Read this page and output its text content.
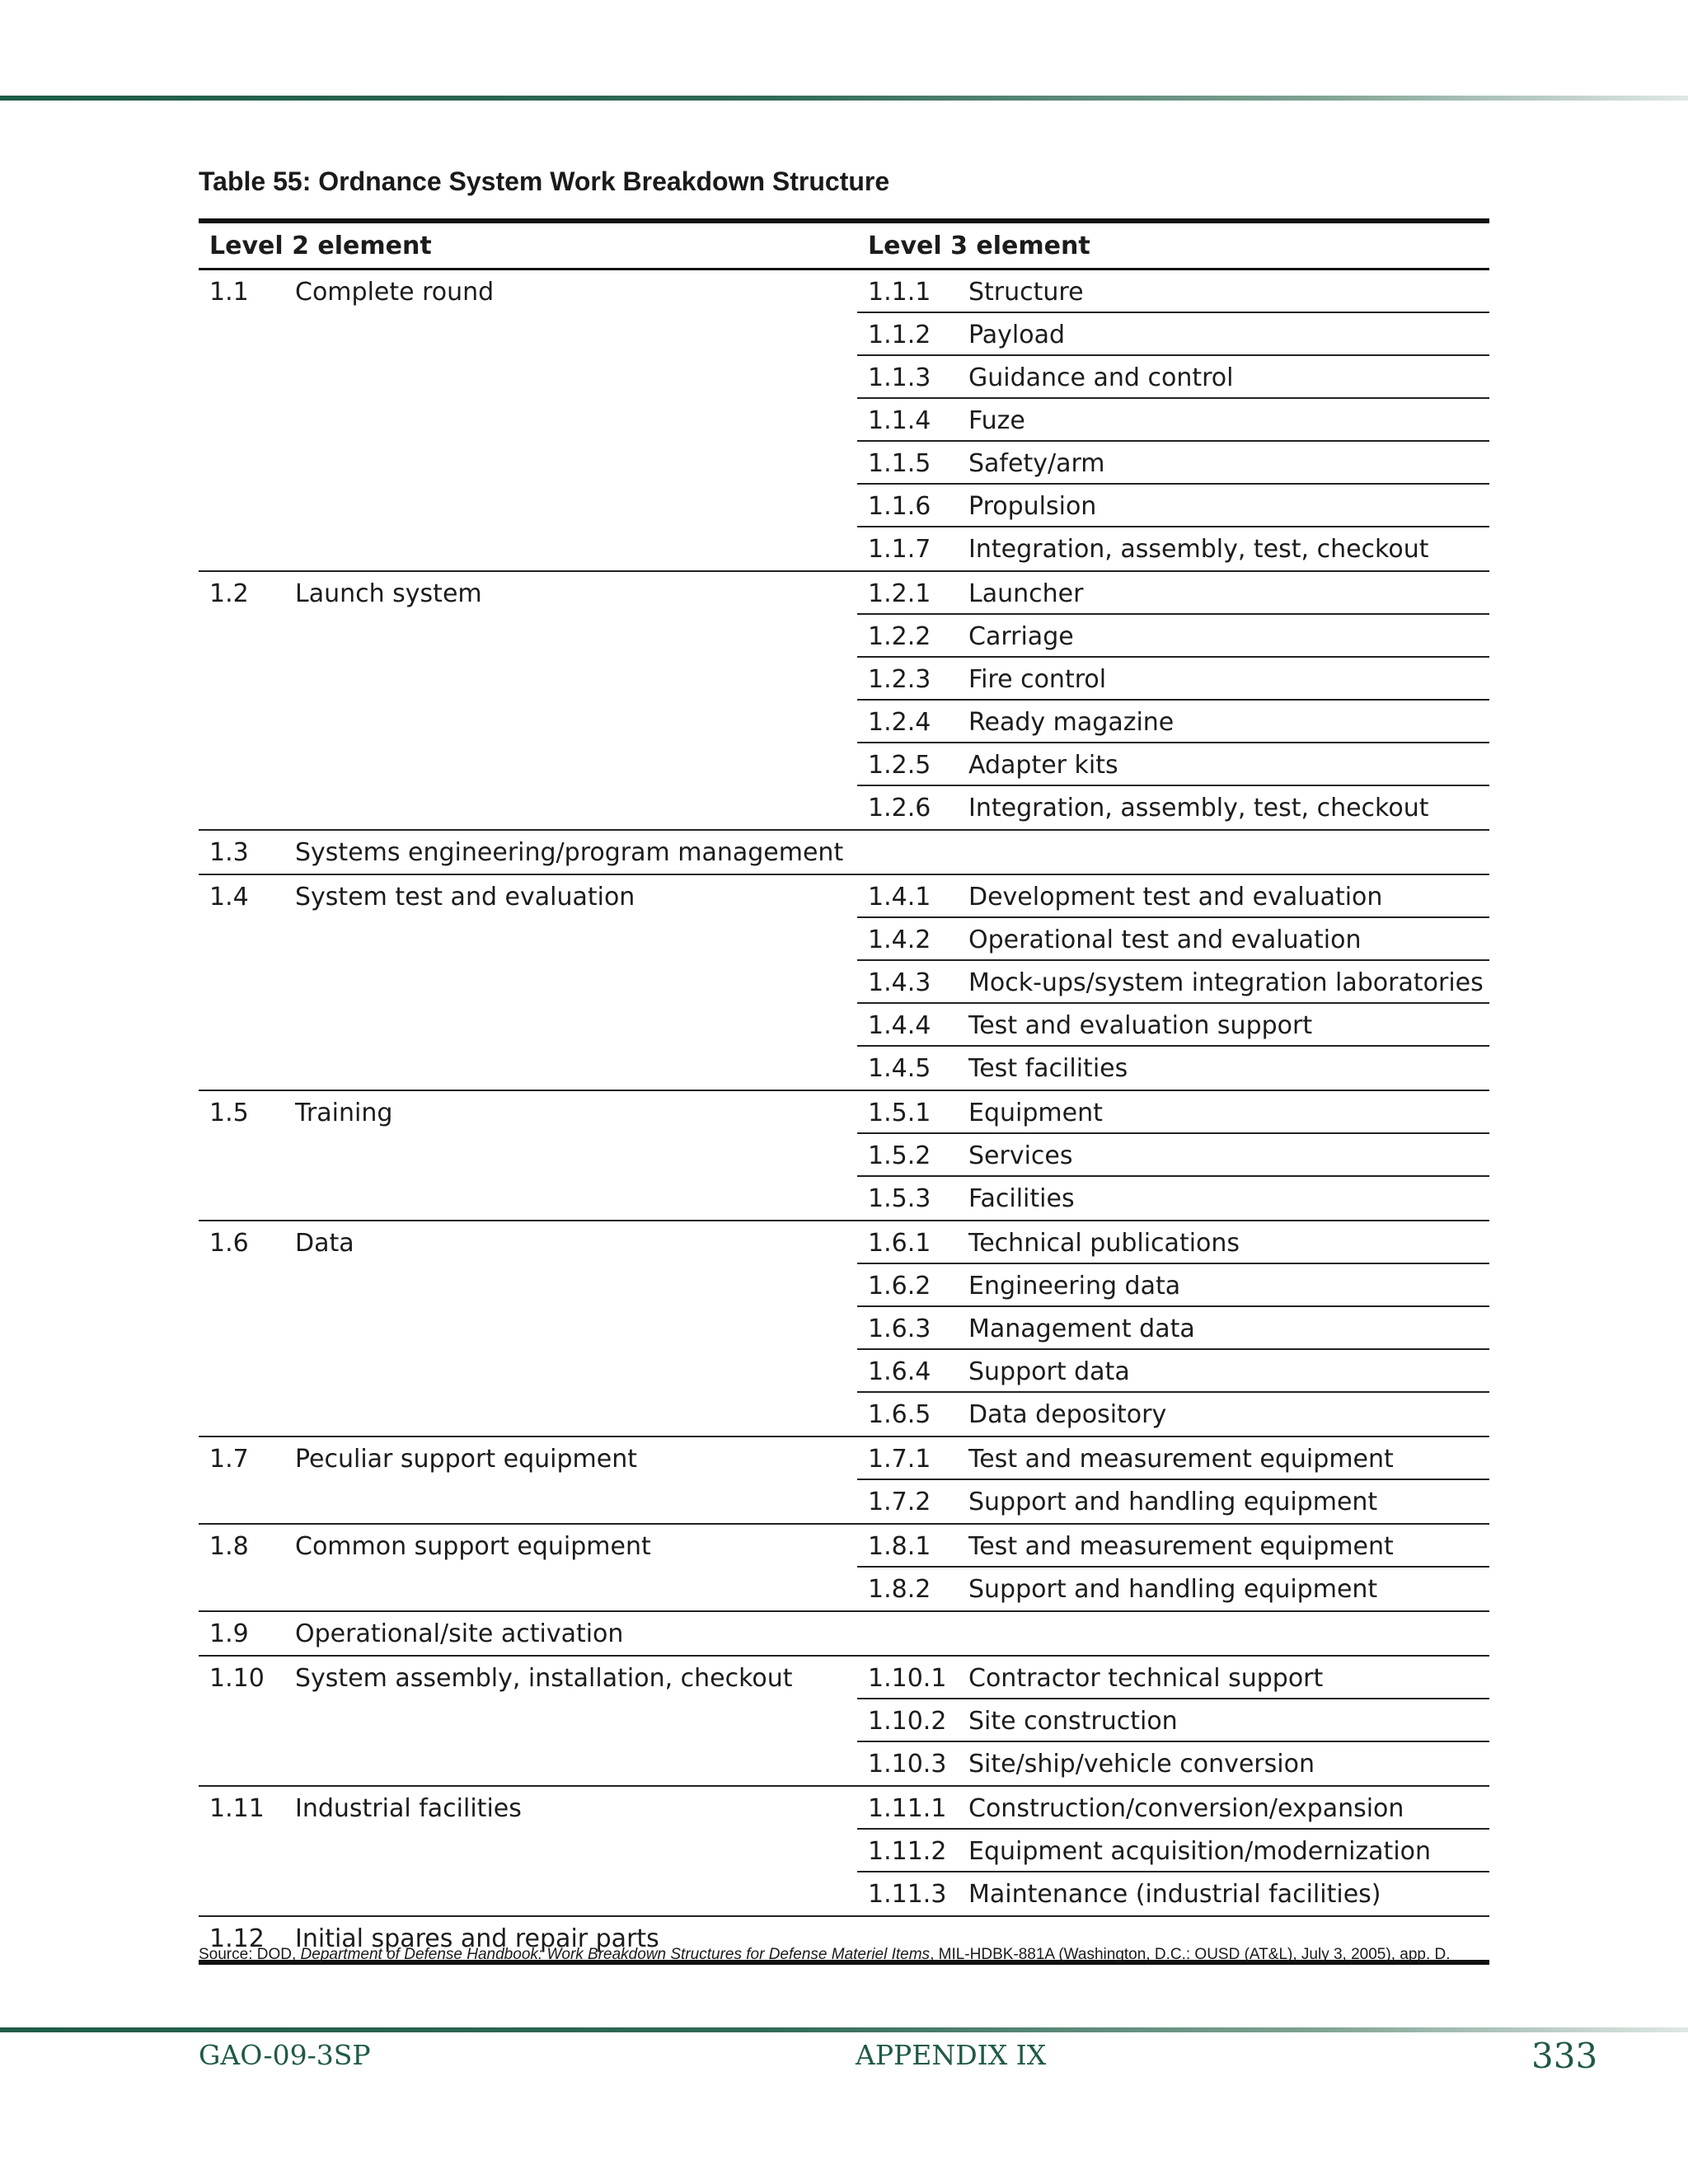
Table 55: Ordnance System Work Breakdown Structure
Level 2 element	Level 3 element
1.1 Complete round	1.1.1 Structure
1.1.2 Payload
1.1.3 Guidance and control
1.1.4 Fuze
1.1.5 Safety/arm
1.1.6 Propulsion
1.1.7 Integration, assembly, test, checkout
1.2 Launch system	1.2.1 Launcher
1.2.2 Carriage
1.2.3 Fire control
1.2.4 Ready magazine
1.2.5 Adapter kits
1.2.6 Integration, assembly, test, checkout
1.3 Systems engineering/program management
1.4 System test and evaluation	1.4.1 Development test and evaluation
1.4.2 Operational test and evaluation
1.4.3 Mock-ups/system integration laboratories
1.4.4 Test and evaluation support
1.4.5 Test facilities
1.5 Training	1.5.1 Equipment
1.5.2 Services
1.5.3 Facilities
1.6 Data	1.6.1 Technical publications
1.6.2 Engineering data
1.6.3 Management data
1.6.4 Support data
1.6.5 Data depository
1.7 Peculiar support equipment	1.7.1 Test and measurement equipment
1.7.2 Support and handling equipment
1.8 Common support equipment	1.8.1 Test and measurement equipment
1.8.2 Support and handling equipment
1.9 Operational/site activation
1.10 System assembly, installation, checkout	1.10.1 Contractor technical support
1.10.2 Site construction
1.10.3 Site/ship/vehicle conversion
1.11 Industrial facilities	1.11.1 Construction/conversion/expansion
1.11.2 Equipment acquisition/modernization
1.11.3 Maintenance (industrial facilities)
1.12 Initial spares and repair parts
Source: DOD, Department of Defense Handbook: Work Breakdown Structures for Defense Materiel Items, MIL-HDBK-881A (Washington, D.C.: OUSD (AT&L), July 3, 2005), app. D.
GAO-09-3SP	APPENDIX IX	333
